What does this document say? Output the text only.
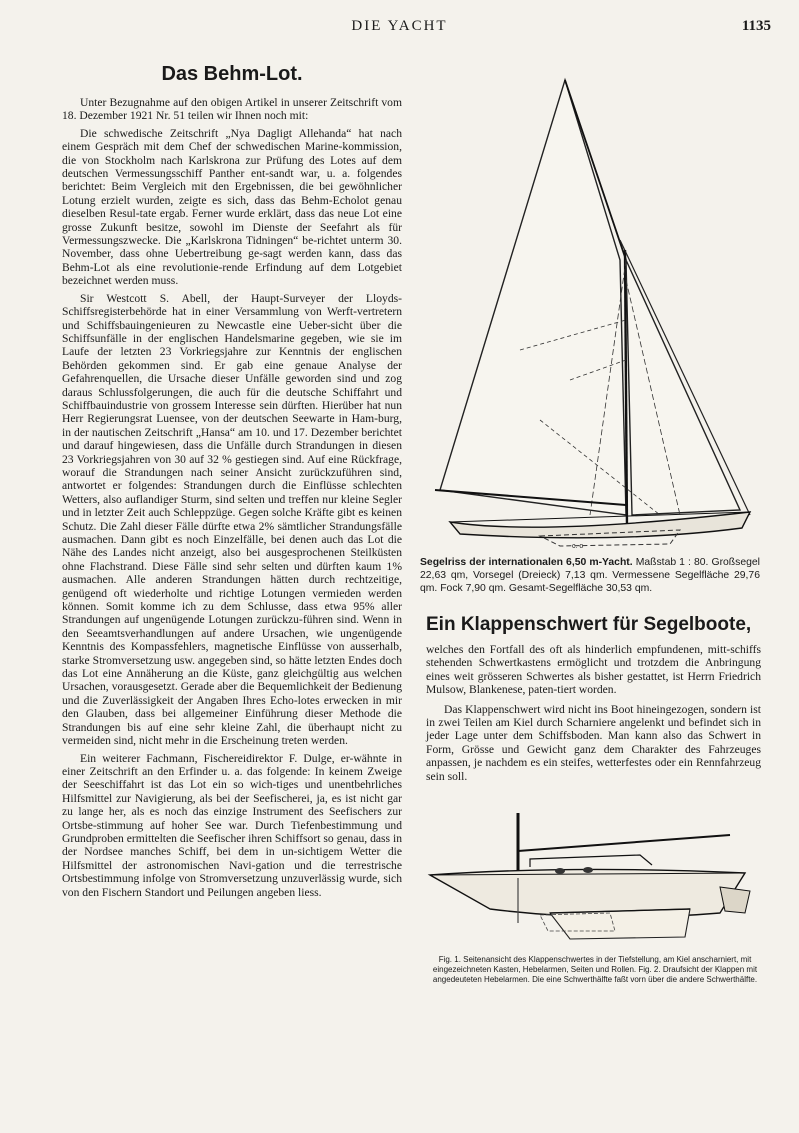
DIE YACHT	1135
Das Behm-Lot.

Unter Bezugnahme auf den obigen Artikel in unserer Zeitschrift vom 18. Dezember 1921 Nr. 51 teilen wir Ihnen noch mit:

Die schwedische Zeitschrift „Nya Dagligt Allehanda“ hat nach einem Gespräch mit dem Chef der schwedischen Marine-kommission, die von Stockholm nach Karlskrona zur Prüfung des Lotes auf dem deutschen Vermessungsschiff Panther ent-sandt war, u. a. folgendes berichtet: Beim Vergleich mit den Ergebnissen, die bei gewöhnlicher Lotung erzielt wurden, zeigte es sich, dass das Behm-Echolot genau dieselben Resul-tate ergab. Ferner wurde erklärt, dass das neue Lot eine grosse Zukunft besitze, sowohl im Dienste der Seefahrt als für Vermessungszwecke. Die „Karlskrona Tidningen“ be-richtet unterm 30. November, dass ohne Uebertreibung ge-sagt werden kann, dass das Behm-Lot als eine revolutionie-rende Erfindung auf dem Lotgebiet bezeichnet werden muss.

Sir Westcott S. Abell, der Haupt-Surveyer der Lloyds-Schiffsregisterbehörde hat in einer Versammlung von Werft-vertretern und Schiffsbauingenieuren zu Newcastle eine Ueber-sicht über die Schiffsunfälle in der englischen Handelsmarine gegeben, wie sie im Laufe der letzten 23 Vorkriegsjahre zur Kenntnis der englischen Behörden gekommen sind. Er gab eine genaue Analyse der Gefahrenquellen, die Ursache dieser Unfälle geworden sind und zog daraus Schlussfolgerungen, die auch für die deutsche Schiffahrt und Schiffbauindustrie von grossem Interesse sein dürften. Hierüber hat nun Herr Regierungsrat Luensee, von der deutschen Seewarte in Ham-burg, in der nautischen Zeitschrift „Hansa“ am 10. und 17. Dezember berichtet und darauf hingewiesen, dass die Unfälle durch Strandungen in diesen 23 Vorkriegsjahren von 30 auf 32 % gestiegen sind. Auf eine Rückfrage, worauf die Strandungen nach seiner Ansicht zurückzuführen sind, antwortet er folgendes: Strandungen durch die Einflüsse schlechten Wetters, also auflandiger Sturm, sind selten und treffen nur kleine Segler und in letzter Zeit auch Schleppzüge. Gegen solche Kräfte gibt es keinen Schutz. Die Zahl dieser Fälle dürfte etwa 2% sämtlicher Strandungsfälle ausmachen. Dann gibt es noch Einzelfälle, bei denen auch das Lot die Nähe des Landes nicht anzeigt, also bei ausgesprochenen Steilküsten ohne Flachstrand. Diese Fälle sind sehr selten und dürften kaum 1% ausmachen. Alle anderen Strandungen hätten durch rechtzeitige, genügend oft wiederholte und richtige Lotungen vermieden werden können. Somit komme ich zu dem Schlusse, dass etwa 95% aller Strandungen auf ungenügende Lotungen zurückzu-führen sind. Wenn in den Seeamtsverhandlungen auf andere Ursachen, wie ungenügende Kenntnis des Kompassfehlers, magnetische Einflüsse von ausserhalb, starke Stromversetzung usw. angegeben sind, so hätte letzten Endes doch das Lot eine Annäherung an die Küste, ganz gleichgültig aus welchen Ursachen, vorausgesetzt. Gerade aber die Bequemlichkeit der Bedienung und die Zuverlässigkeit der Angaben Ihres Echo-lotes erwecken in mir den Glauben, dass bei allgemeiner Einführung dieser Methode die Strandungen bis auf eine sehr kleine Zahl, die überhaupt nicht zu vermeiden sind, nicht mehr in die Erscheinung treten werden.

Ein weiterer Fachmann, Fischereidirektor F. Dulge, er-wähnte in einer Zeitschrift an den Erfinder u. a. das folgende: In keinem Zweige der Seeschiffahrt ist das Lot ein so wich-tiges und unentbehrliches Hilfsmittel zur Navigierung, als bei der Seefischerei, ja, es ist nicht gar zu lange her, als es noch das einzige Instrument des Seefischers zur Ortsbe-stimmung auf hoher See war. Durch Tiefenbestimmung und Grundproben ermittelten die Seefischer ihren Schiffsort so genau, dass in der Nordsee manches Schiff, bei dem in un-sichtigem Wetter die Hilfsmittel der astronomischen Navi-gation und die terrestrische Ortsbestimmung infolge von Stromversetzung unzuverlässig wurde, sich von den Fischern Standort und Peilungen angeben liess.

c. o
Segelriss der internationalen 6,50 m-Yacht. Maßstab 1 : 80. Großsegel 22,63 qm, Vorsegel (Dreieck) 7,13 qm. Vermessene Segelfläche 29,76 qm. Fock 7,90 qm. Gesamt-Segelfläche 30,53 qm.
Ein Klappenschwert für Segelboote,

welches den Fortfall des oft als hinderlich empfundenen, mitt-schiffs stehenden Schwertkastens ermöglicht und trotzdem die Anbringung eines weit grösseren Schwertes als bisher gestattet, ist Herrn Friedrich Mulsow, Blankenese, paten-tiert worden.

Das Klappenschwert wird nicht ins Boot hineingezogen, sondern ist in zwei Teilen am Kiel durch Scharniere angelenkt und befindet sich in jeder Lage unter dem Schiffsboden. Man kann also das Schwert in Form, Grösse und Gewicht ganz dem Charakter des Fahrzeuges anpassen, je nachdem es ein steifes, wetterfestes oder ein Rennfahrzeug sein soll.

Fig. 1. Seitenansicht des Klappenschwertes in der Tiefstellung, am Kiel anscharniert, mit eingezeichneten Kasten, Hebelarmen, Seiten und Rollen. Fig. 2. Draufsicht der Klappen mit angedeuteten Hebelarmen. Die eine Schwerthälfte faßt vorn über die andere Schwerthälfte.
